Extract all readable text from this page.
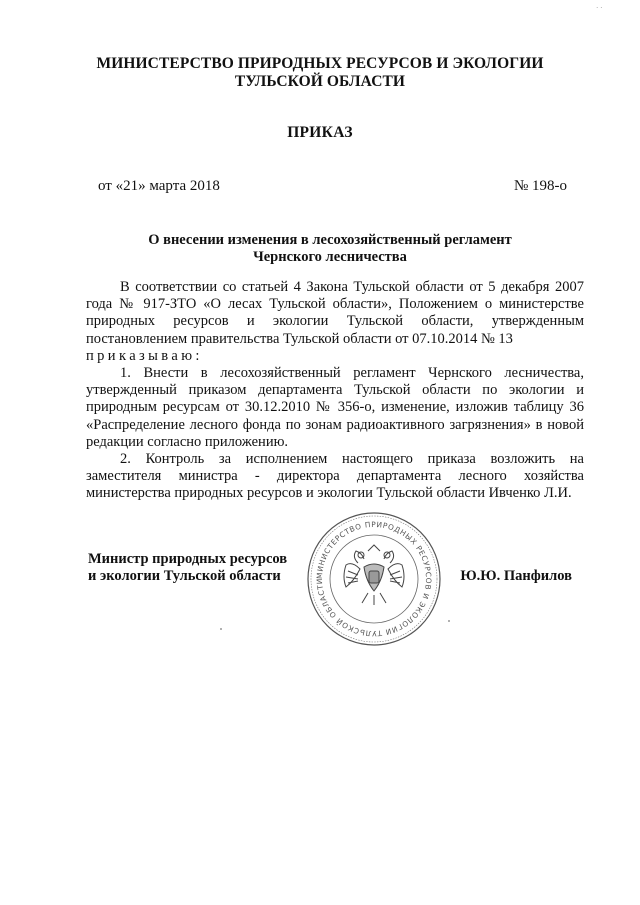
· ·
МИНИСТЕРСТВО ПРИРОДНЫХ РЕСУРСОВ И ЭКОЛОГИИ
ТУЛЬСКОЙ ОБЛАСТИ
ПРИКАЗ
от «21» марта 2018	№ 198-о
О внесении изменения в лесохозяйственный регламент
Чернского лесничества

В соответствии со статьей 4 Закона Тульской области от 5 декабря 2007 года № 917-ЗТО «О лесах Тульской области», Положением о министерстве природных ресурсов и экологии Тульской области, утвержденным постановлением правительства Тульской области от 07.10.2014 № 13

приказываю:

1. Внести в лесохозяйственный регламент Чернского лесничества, утвержденный приказом департамента Тульской области по экологии и природным ресурсам от 30.12.2010 № 356-о, изменение, изложив таблицу 36 «Распределение лесного фонда по зонам радиоактивного загрязнения» в новой редакции согласно приложению.

2. Контроль за исполнением настоящего приказа возложить на заместителя министра - директора департамента лесного хозяйства министерства природных ресурсов и экологии Тульской области Ивченко Л.И.

Министр природных ресурсов
и экологии Тульской области	МИНИСТЕРСТВО ПРИРОДНЫХ РЕСУРСОВ И ЭКОЛОГИИ ТУЛЬСКОЙ ОБЛАСТИ	Ю.Ю. Панфилов
